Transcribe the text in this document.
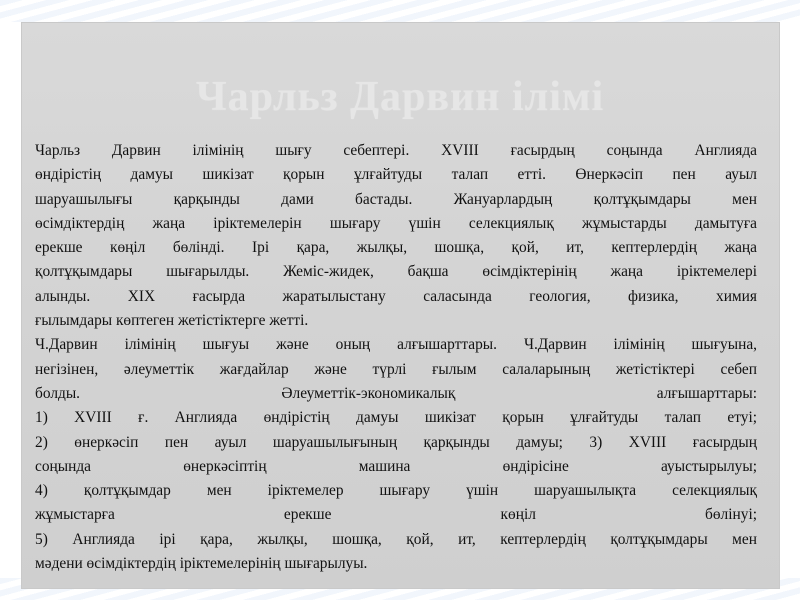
Чарльз Дарвин ілімі
Чарльз Дарвин ілімінің шығу себептері. XVIII ғасырдың соңында Англияда
өндірістің дамуы шикізат қорын ұлғайтуды талап етті. Өнеркәсіп пен ауыл
шаруашылығы қарқынды дами бастады. Жануарлардың қолтұқымдары мен
өсімдіктердің жаңа іріктемелерін шығару үшін селекциялық жұмыстарды дамытуға
ерекше көңіл бөлінді. Ірі қара, жылқы, шошқа, қой, ит, кептерлердің жаңа
қолтұқымдары шығарылды. Жеміс-жидек, бақша өсімдіктерінің жаңа іріктемелері
алынды. XIX ғасырда жаратылыстану саласында геология, физика, химия
ғылымдары көптеген жетістіктерге жетті.
Ч.Дарвин ілімінің шығуы және оның алғышарттары. Ч.Дарвин ілімінің шығуына,
негізінен, әлеуметтік жағдайлар және түрлі ғылым салаларының жетістіктері себеп
болды. Әлеуметтік-экономикалық алғышарттары:
1) XVIII ғ. Англияда өндірістің дамуы шикізат қорын ұлғайтуды талап етуі;
2) өнеркәсіп пен ауыл шаруашылығының қарқынды дамуы; 3) XVIII ғасырдың
соңында өнеркәсіптің машина өндірісіне ауыстырылуы;
4) қолтұқымдар мен іріктемелер шығару үшін шаруашылықта селекциялық
жұмыстарға ерекше көңіл бөлінуі;
5) Англияда ірі қара, жылқы, шошқа, қой, ит, кептерлердің қолтұқымдары мен
мәдени өсімдіктердің іріктемелерінің шығарылуы.
